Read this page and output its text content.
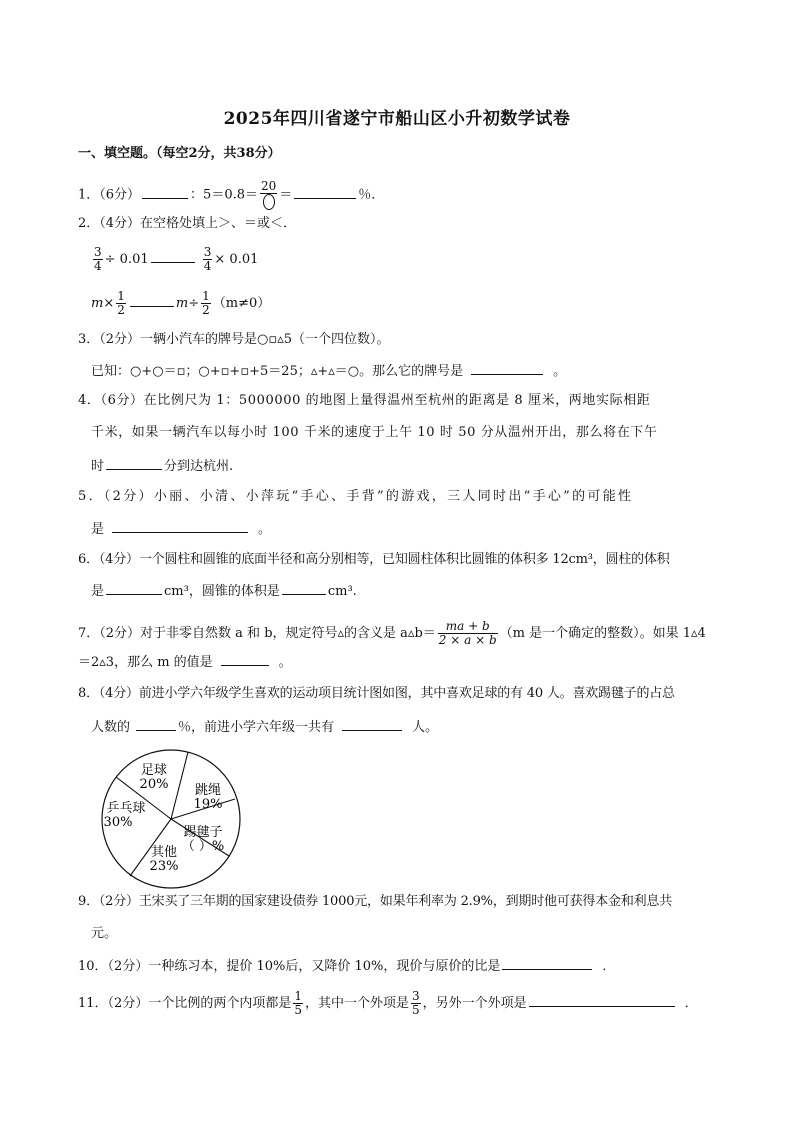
2025年四川省遂宁市船山区小升初数学试卷
一、填空题。（每空2分，共38分）
1．（6分）	：5＝0.8＝
20
＝	％．
2．（4分）在空格处填上＞、＝或＜．
$\frac{3}{4} \div 0.01$	$\frac{3}{4} \times 0.01$
$m\times \frac{1}{2}$	$m\div \frac{1}{2} (m\ne 0)$
3．（2分）一辆小汽车的牌号是○▫▵5（一个四位数）。
已知：○+○＝▫；○+▫+▫+5＝25；▵+▵＝○。那么它的牌号是	。
4．（6分）在比例尺为 1：5000000 的地图上量得温州至杭州的距离是 8 厘米，两地实际相距
千米，如果一辆汽车以每小时 100 千米的速度于上午 10 时 50 分从温州开出，那么将在下午
时	分到达杭州.
5．（2分）小丽、小清、小萍玩“手心、手背”的游戏，三人同时出“手心”的可能性
是	。
6．（4分）一个圆柱和圆锥的底面半径和高分别相等，已知圆柱体积比圆锥的体积多 12cm³，圆柱的体积
是	cm³，圆锥的体积是	cm³.
7．（2分）对于非零自然数 a 和 b，规定符号▵的含义是 a▵b＝ $\frac{ma + b}{2 \times a \times b} (m$ 是一个确定的整数）。如果 1▵4
＝2▵3，那么 m 的值是	。
8．（4分）前进小学六年级学生喜欢的运动项目统计图如图，其中喜欢足球的有 40 人。喜欢踢毽子的占总
人数的	％，前进小学六年级一共有	人。
足球
20% 跳绳
19%
踢毽子
（ ）%
其他
23%
乒乓球
30%
9．（2分）王宋买了三年期的国家建设债券 1000元，如果年利率为 2.9%，到期时他可获得本金和利息共
元。
10．（2分）一种练习本，提价 10%后，又降价 10%，现价与原价的比是	．
11．（2分）一个比例的两个内项都是 $\frac{1}{5}$ ，其中一个外项是 $\frac{3}{5}$ ，另外一个外项是	．
